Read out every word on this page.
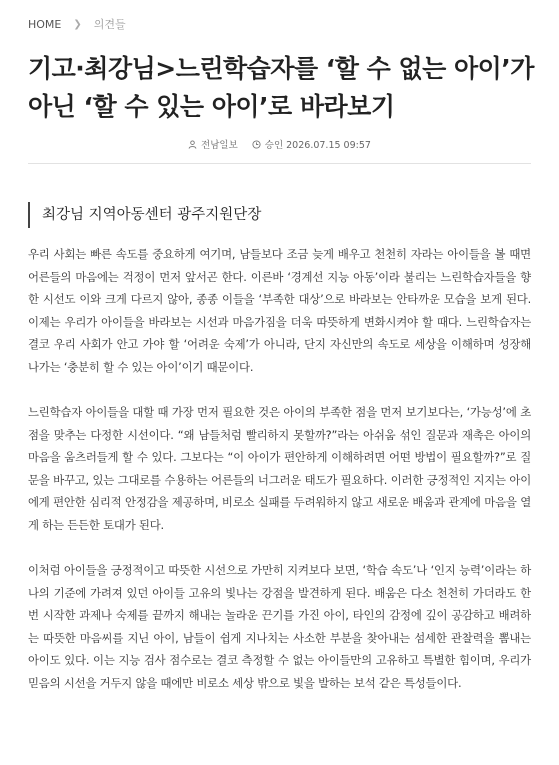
HOME ❯ 의견들
기고·최강님>느린학습자를 ‘할 수 없는 아이’가 아닌 ‘할 수 있는 아이’로 바라보기
전남일보	승인 2026.07.15 09:57
최강님 지역아동센터 광주지원단장

우리 사회는 빠른 속도를 중요하게 여기며, 남들보다 조금 늦게 배우고 천천히 자라는 아이들을 볼 때면 어른들의 마음에는 걱정이 먼저 앞서곤 한다. 이른바 ‘경계선 지능 아동’이라 불리는 느린학습자들을 향한 시선도 이와 크게 다르지 않아, 종종 이들을 ‘부족한 대상’으로 바라보는 안타까운 모습을 보게 된다. 이제는 우리가 아이들을 바라보는 시선과 마음가짐을 더욱 따뜻하게 변화시켜야 할 때다. 느린학습자는 결코 우리 사회가 안고 가야 할 ‘어려운 숙제’가 아니라, 단지 자신만의 속도로 세상을 이해하며 성장해 나가는 ‘충분히 할 수 있는 아이’이기 때문이다.

느린학습자 아이들을 대할 때 가장 먼저 필요한 것은 아이의 부족한 점을 먼저 보기보다는, ‘가능성’에 초점을 맞추는 다정한 시선이다. “왜 남들처럼 빨리하지 못할까?”라는 아쉬움 섞인 질문과 재촉은 아이의 마음을 움츠러들게 할 수 있다. 그보다는 “이 아이가 편안하게 이해하려면 어떤 방법이 필요할까?”로 질문을 바꾸고, 있는 그대로를 수용하는 어른들의 너그러운 태도가 필요하다. 이러한 긍정적인 지지는 아이에게 편안한 심리적 안정감을 제공하며, 비로소 실패를 두려워하지 않고 새로운 배움과 관계에 마음을 열게 하는 든든한 토대가 된다.

이처럼 아이들을 긍정적이고 따뜻한 시선으로 가만히 지켜보다 보면, ‘학습 속도’나 ‘인지 능력’이라는 하나의 기준에 가려져 있던 아이들 고유의 빛나는 강점을 발견하게 된다. 배움은 다소 천천히 가더라도 한 번 시작한 과제나 숙제를 끝까지 해내는 놀라운 끈기를 가진 아이, 타인의 감정에 깊이 공감하고 배려하는 따뜻한 마음씨를 지닌 아이, 남들이 쉽게 지나치는 사소한 부분을 찾아내는 섬세한 관찰력을 뽐내는 아이도 있다. 이는 지능 검사 점수로는 결코 측정할 수 없는 아이들만의 고유하고 특별한 힘이며, 우리가 믿음의 시선을 거두지 않을 때에만 비로소 세상 밖으로 빛을 발하는 보석 같은 특성들이다.
